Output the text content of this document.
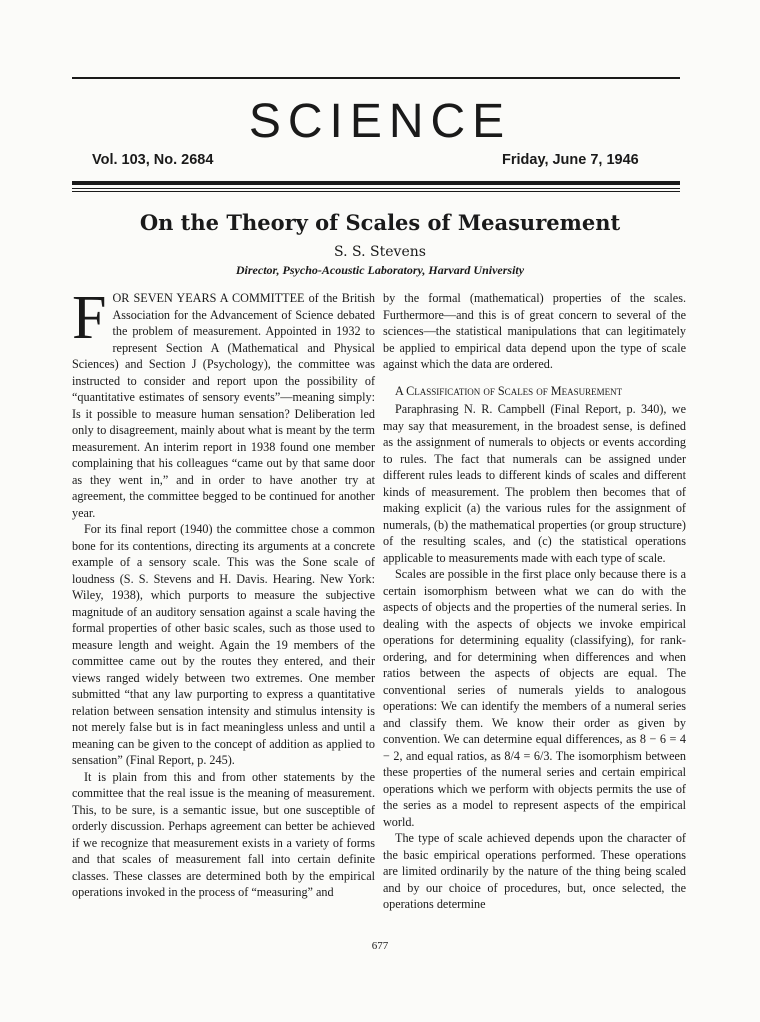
SCIENCE
Vol. 103, No. 2684	Friday, June 7, 1946
On the Theory of Scales of Measurement
S. S. Stevens
Director, Psycho-Acoustic Laboratory, Harvard University

FOR SEVEN YEARS A COMMITTEE of the British Association for the Advancement of Science debated the problem of measurement. Appointed in 1932 to represent Section A (Mathematical and Physical Sciences) and Section J (Psychology), the committee was instructed to consider and report upon the possibility of “quantitative estimates of sensory events”—meaning simply: Is it possible to measure human sensation? Deliberation led only to disagreement, mainly about what is meant by the term measurement. An interim report in 1938 found one member complaining that his colleagues “came out by that same door as they went in,” and in order to have another try at agreement, the committee begged to be continued for another year.

For its final report (1940) the committee chose a common bone for its contentions, directing its arguments at a concrete example of a sensory scale. This was the Sone scale of loudness (S. S. Stevens and H. Davis. Hearing. New York: Wiley, 1938), which purports to measure the subjective magnitude of an auditory sensation against a scale having the formal properties of other basic scales, such as those used to measure length and weight. Again the 19 members of the committee came out by the routes they entered, and their views ranged widely between two extremes. One member submitted “that any law purporting to express a quantitative relation between sensation intensity and stimulus intensity is not merely false but is in fact meaningless unless and until a meaning can be given to the concept of addition as applied to sensation” (Final Report, p. 245).

It is plain from this and from other statements by the committee that the real issue is the meaning of measurement. This, to be sure, is a semantic issue, but one susceptible of orderly discussion. Perhaps agreement can better be achieved if we recognize that measurement exists in a variety of forms and that scales of measurement fall into certain definite classes. These classes are determined both by the empirical operations invoked in the process of “measuring” and

by the formal (mathematical) properties of the scales. Furthermore—and this is of great concern to several of the sciences—the statistical manipulations that can legitimately be applied to empirical data depend upon the type of scale against which the data are ordered.

A Classification of Scales of Measurement

Paraphrasing N. R. Campbell (Final Report, p. 340), we may say that measurement, in the broadest sense, is defined as the assignment of numerals to objects or events according to rules. The fact that numerals can be assigned under different rules leads to different kinds of scales and different kinds of measurement. The problem then becomes that of making explicit (a) the various rules for the assignment of numerals, (b) the mathematical properties (or group structure) of the resulting scales, and (c) the statistical operations applicable to measurements made with each type of scale.

Scales are possible in the first place only because there is a certain isomorphism between what we can do with the aspects of objects and the properties of the numeral series. In dealing with the aspects of objects we invoke empirical operations for determining equality (classifying), for rank-ordering, and for determining when differences and when ratios between the aspects of objects are equal. The conventional series of numerals yields to analogous operations: We can identify the members of a numeral series and classify them. We know their order as given by convention. We can determine equal differences, as 8 − 6 = 4 − 2, and equal ratios, as 8/4 = 6/3. The isomorphism between these properties of the numeral series and certain empirical operations which we perform with objects permits the use of the series as a model to represent aspects of the empirical world.

The type of scale achieved depends upon the character of the basic empirical operations performed. These operations are limited ordinarily by the nature of the thing being scaled and by our choice of procedures, but, once selected, the operations determine

677
